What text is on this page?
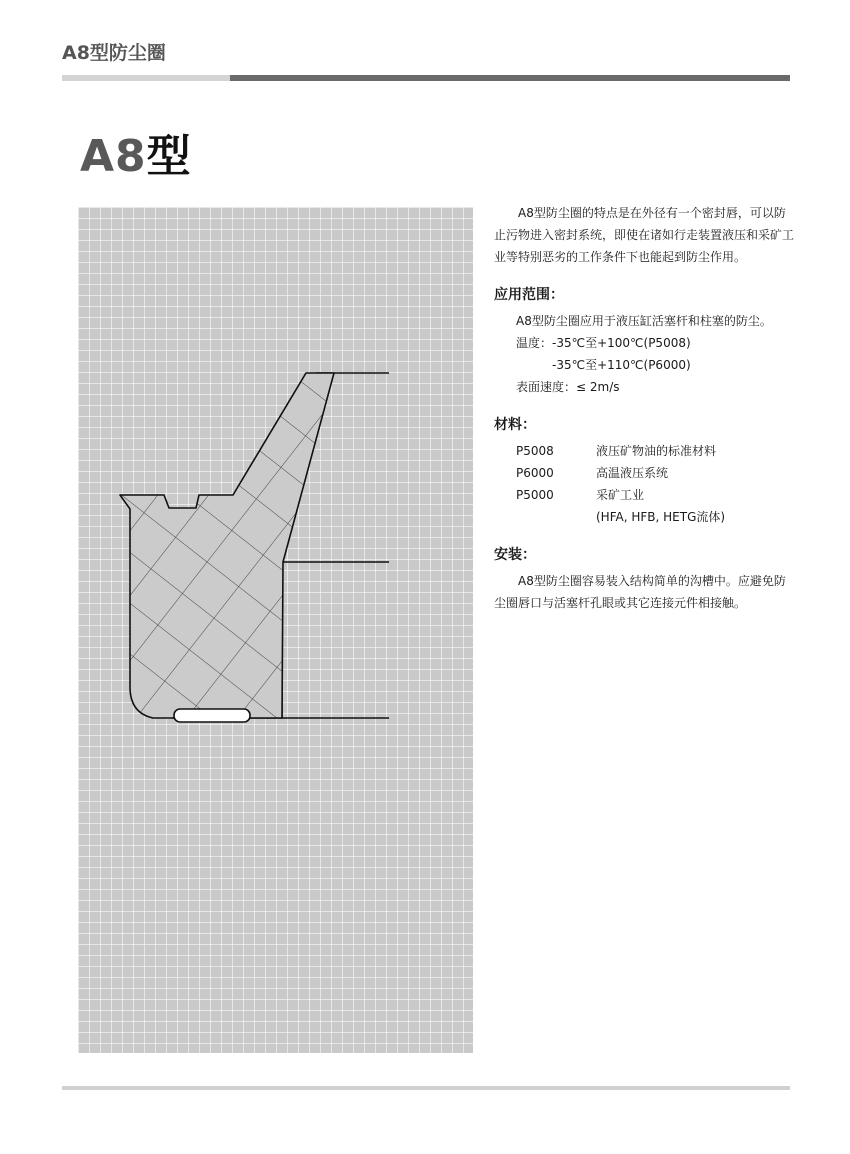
A8型防尘圈
A8型

A8型防尘圈的特点是在外径有一个密封唇，可以防止污物进入密封系统，即使在诸如行走装置液压和采矿工业等特别恶劣的工作条件下也能起到防尘作用。

应用范围：

A8型防尘圈应用于液压缸活塞杆和柱塞的防尘。

温度：-35℃至+100℃(P5008)

-35℃至+110℃(P6000)

表面速度：≤ 2m/s

材料：
P5008	液压矿物油的标准材料
P6000	高温液压系统
P5000	采矿工业
(HFA, HFB, HETG流体)
安装：

A8型防尘圈容易装入结构简单的沟槽中。应避免防尘圈唇口与活塞杆孔眼或其它连接元件相接触。
